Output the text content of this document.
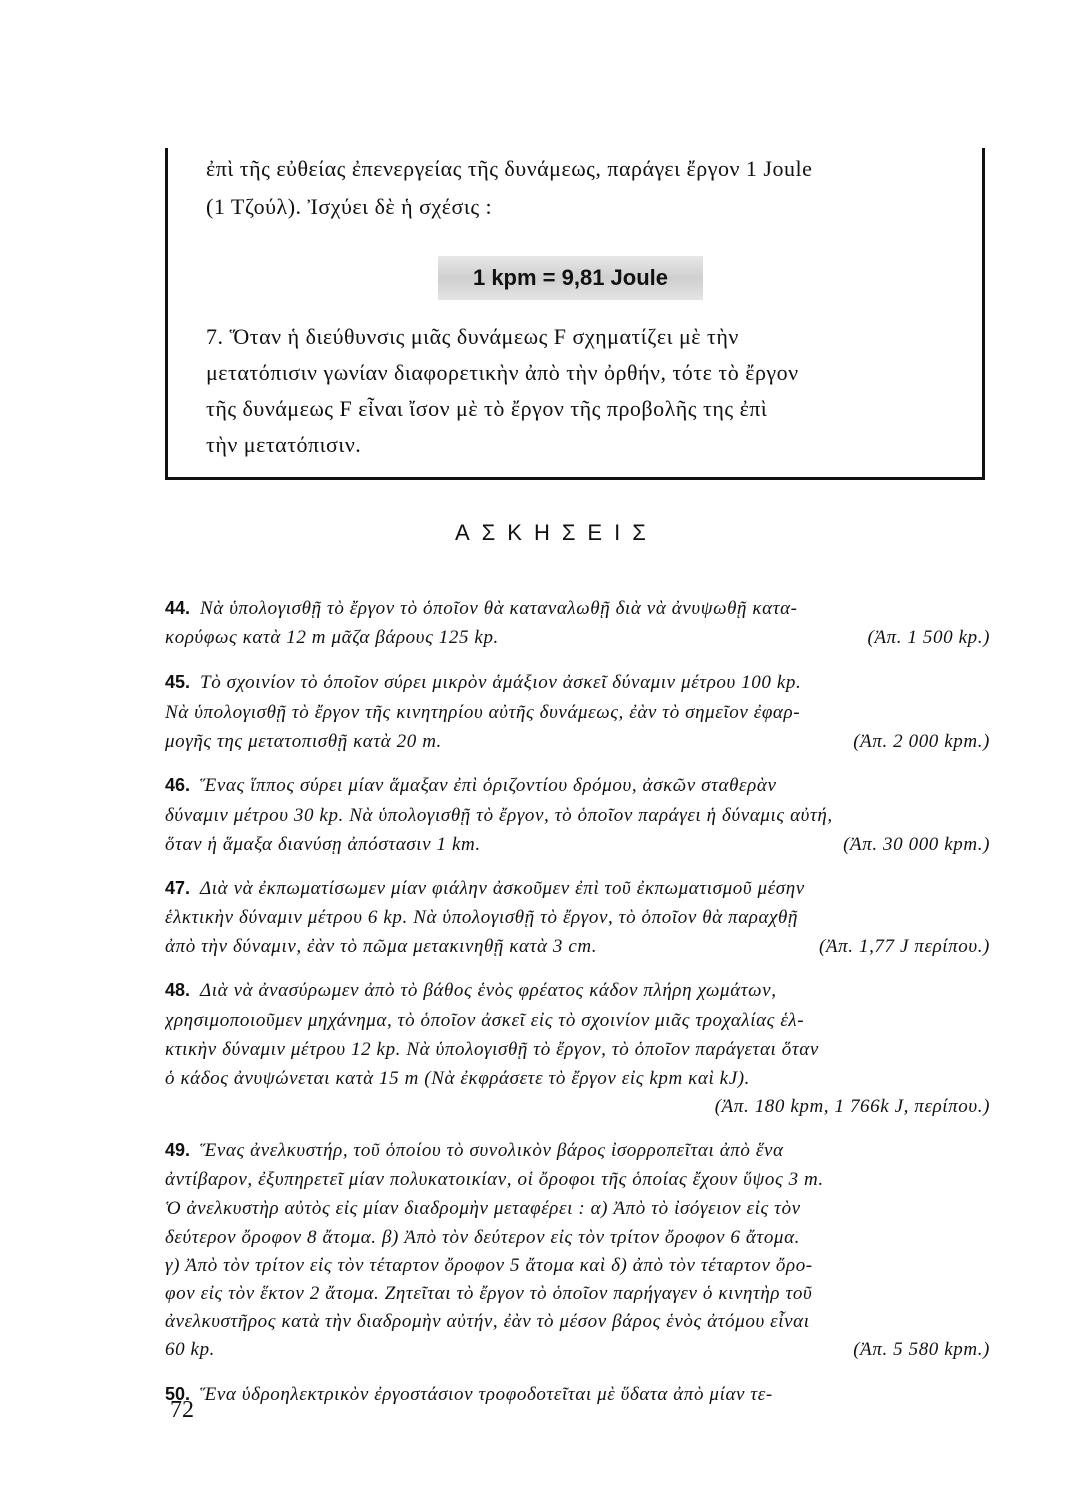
ἐπὶ τῆς εὐθείας ἐπενεργείας τῆς δυνάμεως, παράγει ἔργον 1 Joule
(1 Τζούλ). Ἰσχύει δὲ ἡ σχέσις :
1 kpm = 9,81 Joule
7. Ὅταν ἡ διεύθυνσις μιᾶς δυνάμεως F σχηματίζει μὲ τὴν
μετατόπισιν γωνίαν διαφορετικὴν ἀπὸ τὴν ὀρθήν, τότε τὸ ἔργον
τῆς δυνάμεως F εἶναι ἴσον μὲ τὸ ἔργον τῆς προβολῆς της ἐπὶ
τὴν μετατόπισιν.
ΑΣΚΗΣΕΙΣ
44. Νὰ ὑπολογισθῇ τὸ ἔργον τὸ ὁποῖον θὰ καταναλωθῇ διὰ νὰ ἀνυψωθῇ κατα-
κορύφως κατὰ 12 m μᾶζα βάρους 125 kp.	(Ἀπ. 1 500 kp.)
45. Τὸ σχοινίον τὸ ὁποῖον σύρει μικρὸν ἁμάξιον ἀσκεῖ δύναμιν μέτρου 100 kp.
Νὰ ὑπολογισθῇ τὸ ἔργον τῆς κινητηρίου αὐτῆς δυνάμεως, ἐὰν τὸ σημεῖον ἐφαρ-
μογῆς της μετατοπισθῇ κατὰ 20 m.	(Ἀπ. 2 000 kpm.)
46. Ἕνας ἵππος σύρει μίαν ἅμαξαν ἐπὶ ὁριζοντίου δρόμου, ἀσκῶν σταθερὰν
δύναμιν μέτρου 30 kp. Νὰ ὑπολογισθῇ τὸ ἔργον, τὸ ὁποῖον παράγει ἡ δύναμις αὐτή,
ὅταν ἡ ἅμαξα διανύσῃ ἀπόστασιν 1 km.	(Ἀπ. 30 000 kpm.)
47. Διὰ νὰ ἐκπωματίσωμεν μίαν φιάλην ἀσκοῦμεν ἐπὶ τοῦ ἐκπωματισμοῦ μέσην
ἑλκτικὴν δύναμιν μέτρου 6 kp. Νὰ ὑπολογισθῇ τὸ ἔργον, τὸ ὁποῖον θὰ παραχθῇ
ἀπὸ τὴν δύναμιν, ἐὰν τὸ πῶμα μετακινηθῇ κατὰ 3 cm.	(Ἀπ. 1,77 J περίπου.)
48. Διὰ νὰ ἀνασύρωμεν ἀπὸ τὸ βάθος ἑνὸς φρέατος κάδον πλήρη χωμάτων,
χρησιμοποιοῦμεν μηχάνημα, τὸ ὁποῖον ἀσκεῖ εἰς τὸ σχοινίον μιᾶς τροχαλίας ἑλ-
κτικὴν δύναμιν μέτρου 12 kp. Νὰ ὑπολογισθῇ τὸ ἔργον, τὸ ὁποῖον παράγεται ὅταν
ὁ κάδος ἀνυψώνεται κατὰ 15 m (Νὰ ἐκφράσετε τὸ ἔργον εἰς kpm καὶ kJ).
(Ἀπ. 180 kpm, 1 766k J, περίπου.)

49. Ἕνας ἀνελκυστήρ, τοῦ ὁποίου τὸ συνολικὸν βάρος ἰσορροπεῖται ἀπὸ ἕνα
ἀντίβαρον, ἐξυπηρετεῖ μίαν πολυκατοικίαν, οἱ ὄροφοι τῆς ὁποίας ἔχουν ὕψος 3 m.
Ὁ ἀνελκυστὴρ αὐτὸς εἰς μίαν διαδρομὴν μεταφέρει : α) Ἀπὸ τὸ ἰσόγειον εἰς τὸν
δεύτερον ὄροφον 8 ἄτομα. β) Ἀπὸ τὸν δεύτερον εἰς τὸν τρίτον ὄροφον 6 ἄτομα.
γ) Ἀπὸ τὸν τρίτον εἰς τὸν τέταρτον ὄροφον 5 ἄτομα καὶ δ) ἀπὸ τὸν τέταρτον ὄρο-
φον εἰς τὸν ἕκτον 2 ἄτομα. Ζητεῖται τὸ ἔργον τὸ ὁποῖον παρήγαγεν ὁ κινητὴρ τοῦ
ἀνελκυστῆρος κατὰ τὴν διαδρομὴν αὐτήν, ἐὰν τὸ μέσον βάρος ἑνὸς ἀτόμου εἶναι
60 kp.	(Ἀπ. 5 580 kpm.)
50. Ἕνα ὑδροηλεκτρικὸν ἐργοστάσιον τροφοδοτεῖται μὲ ὕδατα ἀπὸ μίαν τε-
72
